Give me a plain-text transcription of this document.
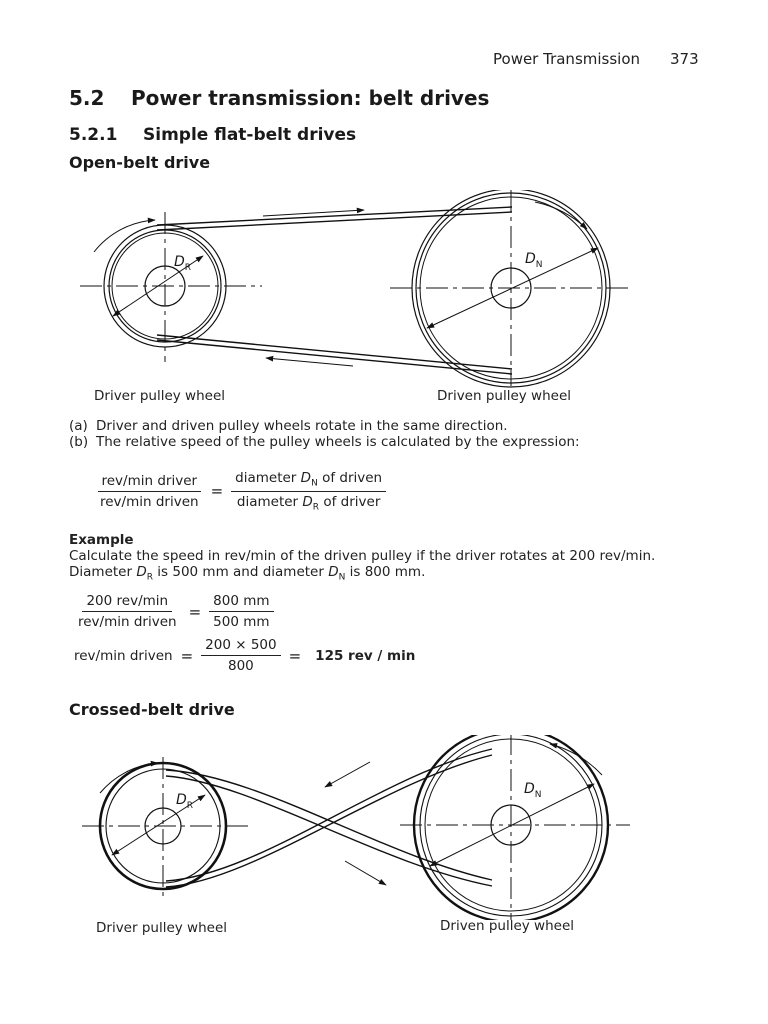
Power Transmission 373
5.2 Power transmission: belt drives
5.2.1 Simple flat-belt drives
Open-belt drive
$D_R$
$D_N$
Driver pulley wheel	Driven pulley wheel
(a) Driver and driven pulley wheels rotate in the same direction.
(b) The relative speed of the pulley wheels is calculated by the expression:
$\frac{\text{rev/min driver}}{\text{rev/min driven}} = \frac{diameter D_N of driven}{diameter D_R of driver}$
Example
Calculate the speed in rev/min of the driven pulley if the driver rotates at 200 rev/min.
Diameter $D_R$ is 500 mm and diameter $D_N$ is 800 mm.
$\frac{\text{200 rev/min}}{\text{rev/min driven}} = \frac{800 mm}{500 mm}$
rev/min driven = $\frac{200 \times 500}{800} = 125$ rev / min
Crossed-belt drive
$D_R$
$D_N$
Driver pulley wheel	Driven pulley wheel
